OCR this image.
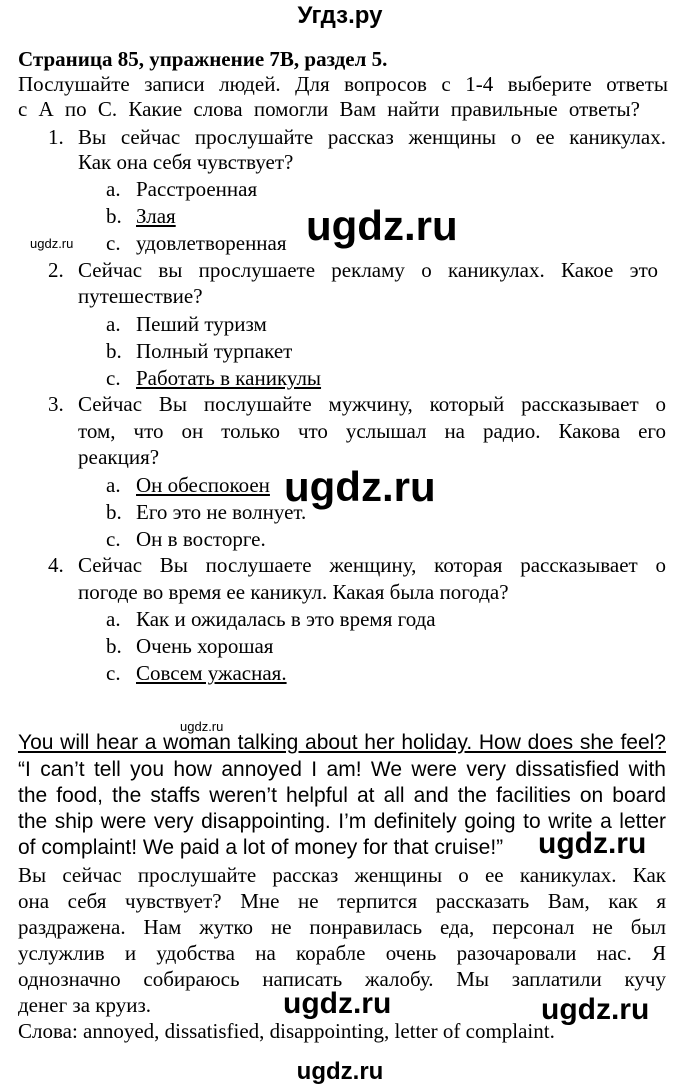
Угдз.ру
Страница 85, упражнение 7B, раздел 5.
Послушайте записи людей. Для вопросов с 1-4 выберите ответы
с А по С. Какие слова помогли Вам найти правильные ответы?
1. Вы сейчас прослушайте рассказ женщины о ее каникулах.
Как она себя чувствует?
a. Расстроенная
b. Злая
c. удовлетворенная
2. Сейчас вы прослушаете рекламу о каникулах. Какое это
путешествие?
a. Пеший туризм
b. Полный турпакет
c. Работать в каникулы
3. Сейчас Вы послушайте мужчину, который рассказывает о
том, что он только что услышал на радио. Какова его
реакция?
a. Он обеспокоен
b. Его это не волнует.
c. Он в восторге.
4. Сейчас Вы послушаете женщину, которая рассказывает о
погоде во время ее каникул. Какая была погода?
a. Как и ожидалась в это время года
b. Очень хорошая
c. Совсем ужасная.
You will hear a woman talking about her holiday. How does she feel?
“I can’t tell you how annoyed I am! We were very dissatisfied with
the food, the staffs weren’t helpful at all and the facilities on board
the ship were very disappointing. I’m definitely going to write a letter
of complaint! We paid a lot of money for that cruise!”
Вы сейчас прослушайте рассказ женщины о ее каникулах. Как
она себя чувствует? Мне не терпится рассказать Вам, как я
раздражена. Нам жутко не понравилась еда, персонал не был
услужлив и удобства на корабле очень разочаровали нас. Я
однозначно собираюсь написать жалобу. Мы заплатили кучу
денег за круиз.
Слова: annoyed, dissatisfied, disappointing, letter of complaint.
ugdz.ru
ugdz.ru
ugdz.ru
ugdz.ru
ugdz.ru
ugdz.ru	ugdz.ru
ugdz.ru
